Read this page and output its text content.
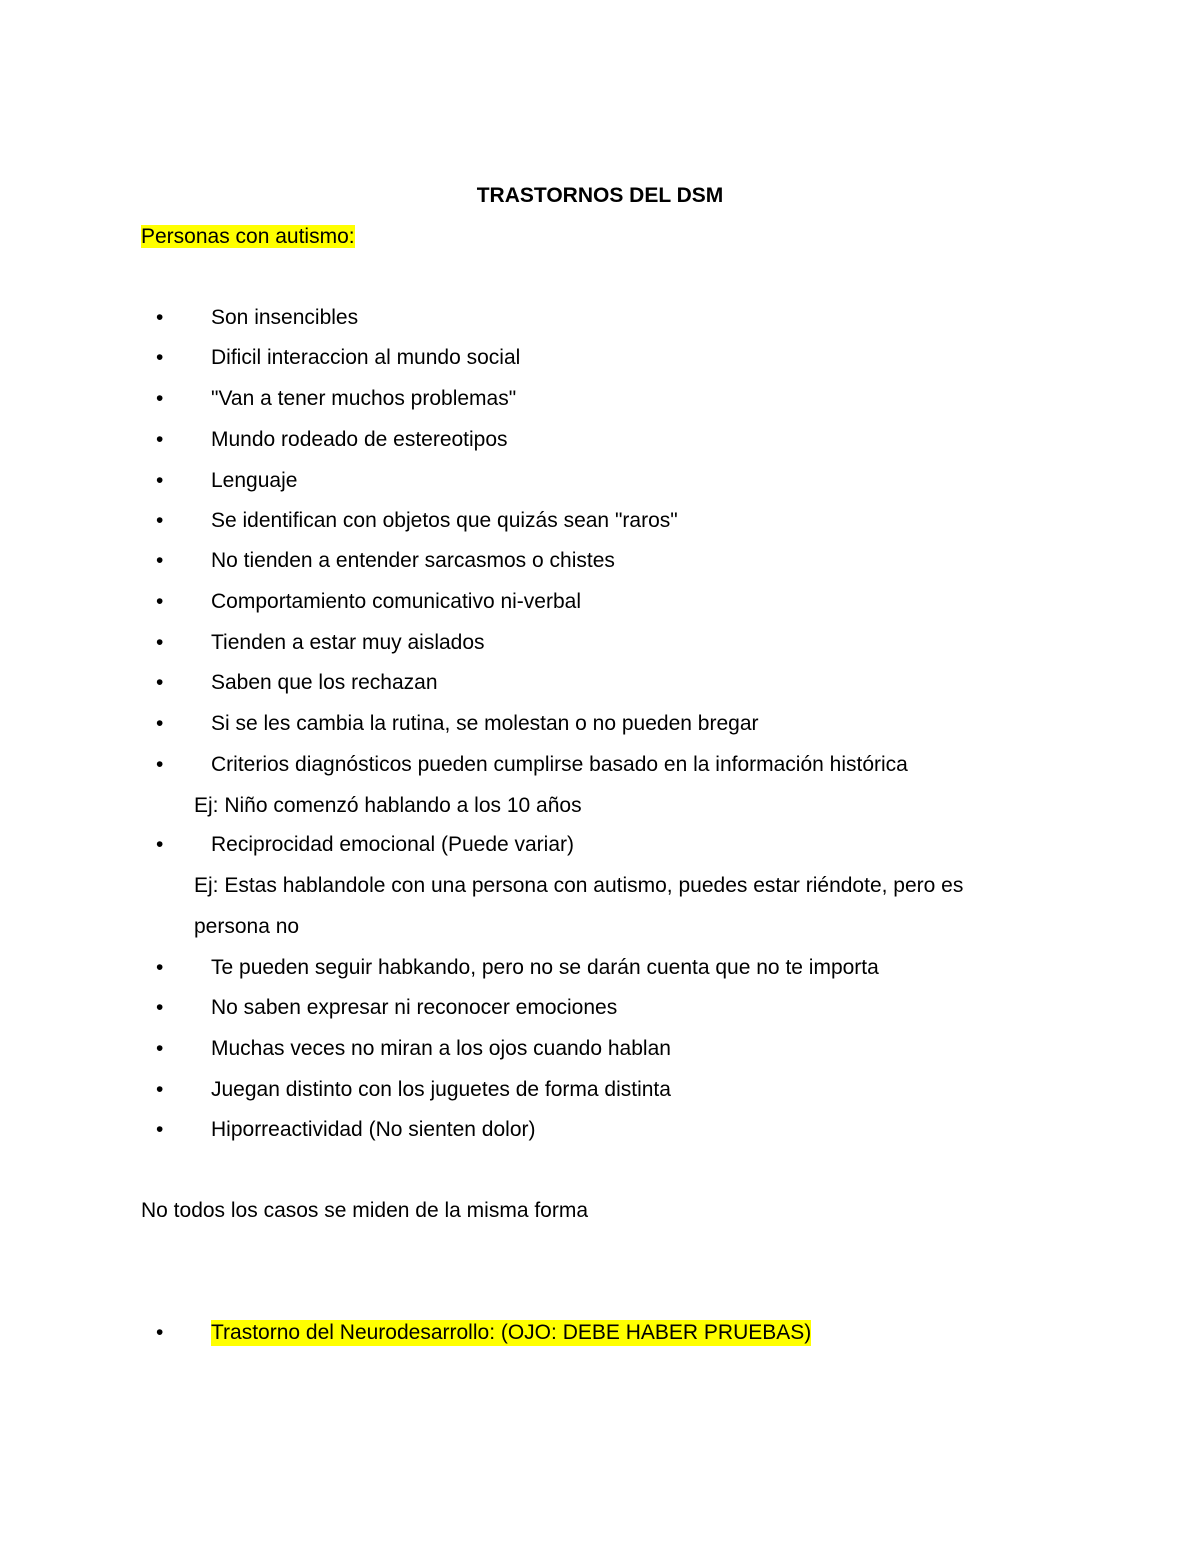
TRASTORNOS DEL DSM
Personas con autismo:
• Son insencibles
• Dificil interaccion al mundo social
• "Van a tener muchos problemas"
• Mundo rodeado de estereotipos
• Lenguaje
• Se identifican con objetos que quizás sean "raros"
• No tienden a entender sarcasmos o chistes
• Comportamiento comunicativo ni-verbal
• Tienden a estar muy aislados
• Saben que los rechazan
• Si se les cambia la rutina, se molestan o no pueden bregar
• Criterios diagnósticos pueden cumplirse basado en la información histórica
Ej: Niño comenzó hablando a los 10 años
• Reciprocidad emocional (Puede variar)
Ej: Estas hablandole con una persona con autismo, puedes estar riéndote, pero es
persona no
• Te pueden seguir habkando, pero no se darán cuenta que no te importa
• No saben expresar ni reconocer emociones
• Muchas veces no miran a los ojos cuando hablan
• Juegan distinto con los juguetes de forma distinta
• Hiporreactividad (No sienten dolor)
No todos los casos se miden de la misma forma
• Trastorno del Neurodesarrollo: (OJO: DEBE HABER PRUEBAS)
